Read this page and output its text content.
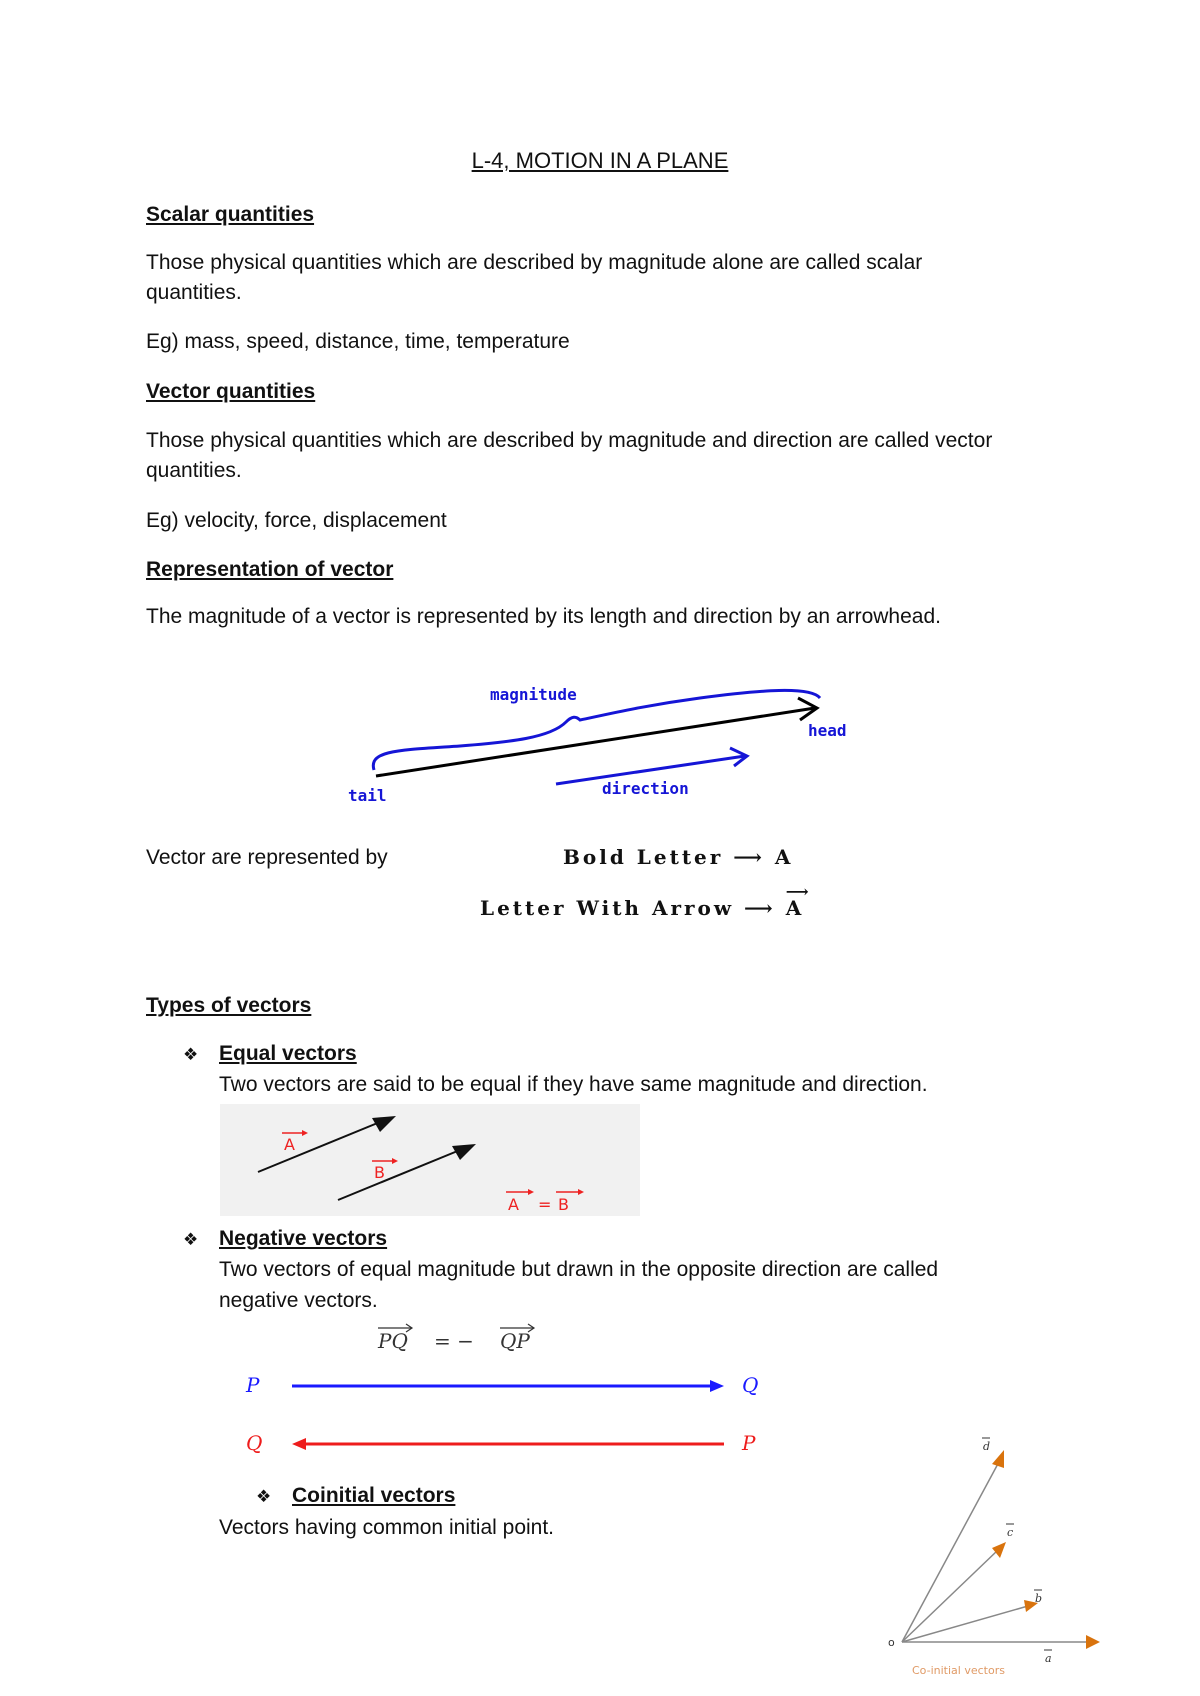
L-4, MOTION IN A PLANE
Scalar quantities
Those physical quantities which are described by magnitude alone are called scalar
quantities.
Eg) mass, speed, distance, time, temperature
Vector quantities
Those physical quantities which are described by magnitude and direction are called vector
quantities.
Eg) velocity, force, displacement
Representation of vector
The magnitude of a vector is represented by its length and direction by an arrowhead.
magnitude
head
tail	direction
Vector are represented by	Bold Letter ⟶ A
Letter With Arrow ⟶
⟶
A
Types of vectors
❖ Equal vectors
Two vectors are said to be equal if they have same magnitude and direction.
A
B
A = B
❖ Negative vectors
Two vectors of equal magnitude but drawn in the opposite direction are called
negative vectors.
PQ = − QP
P	Q
Q	P
❖ Coinitial vectors
Vectors having common initial point.
d
c
b
a
o
Co-initial vectors
